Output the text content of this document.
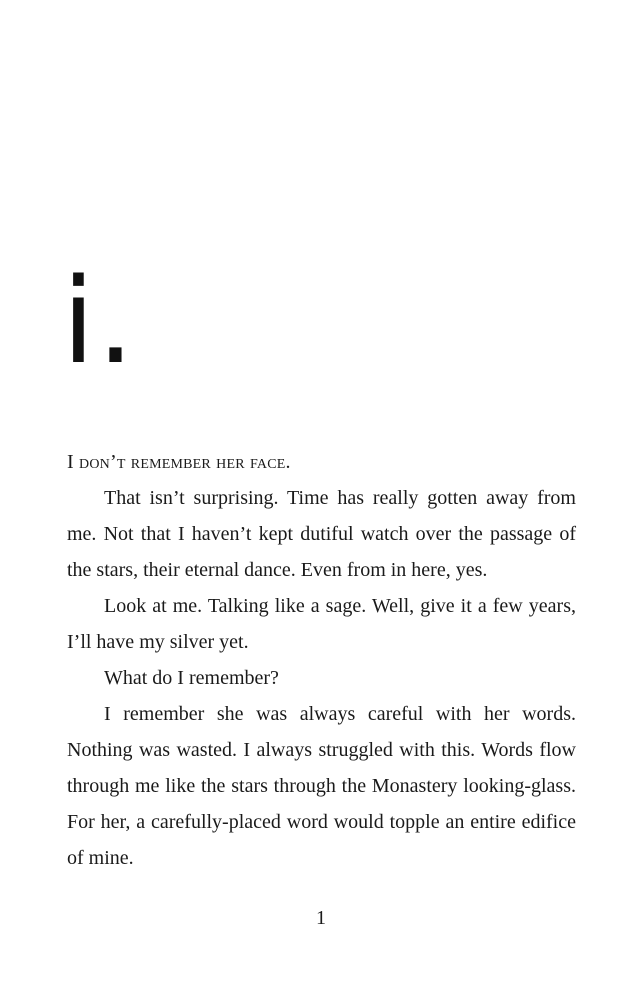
i.

I don’t remember her face.

That isn’t surprising. Time has really gotten away from me. Not that I haven’t kept dutiful watch over the passage of the stars, their eternal dance. Even from in here, yes.

Look at me. Talking like a sage. Well, give it a few years, I’ll have my silver yet.

What do I remember?

I remember she was always careful with her words. Nothing was wasted. I always struggled with this. Words flow through me like the stars through the Monastery looking-glass. For her, a carefully-placed word would topple an entire edifice of mine.

1
